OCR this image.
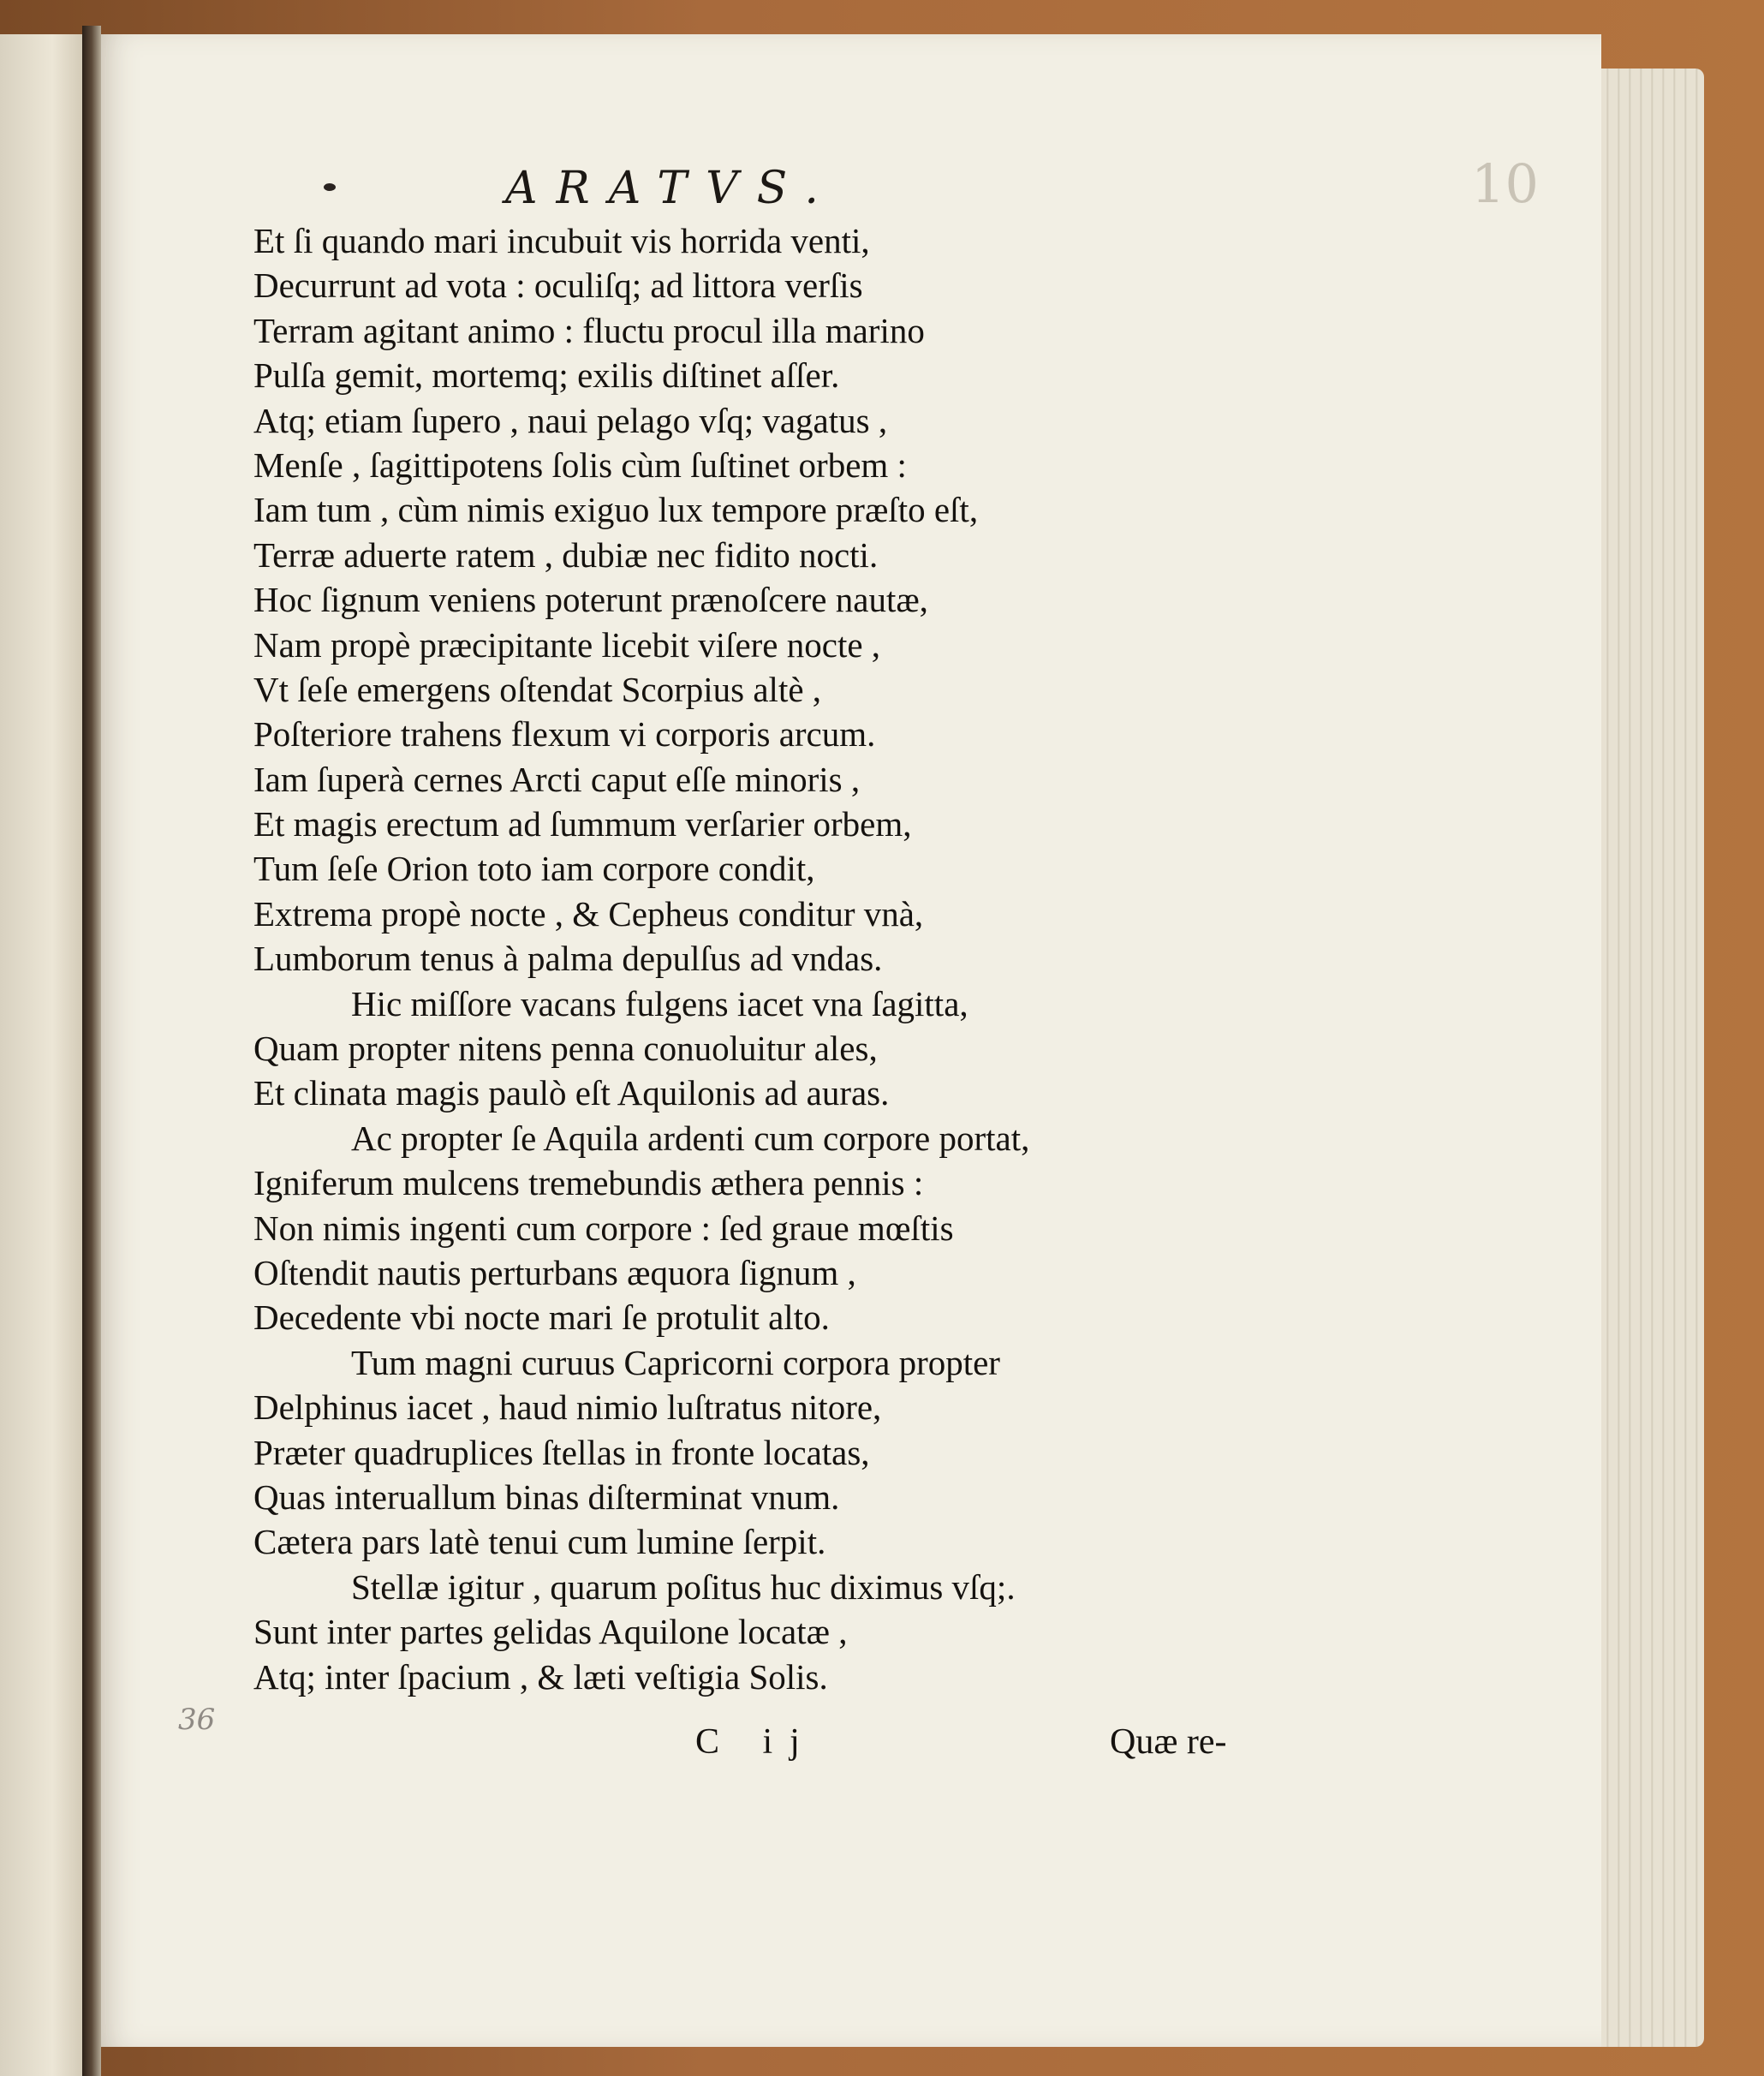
ARATVS.	10
Et ſi quando mari incubuit vis horrida venti,
Decurrunt ad vota : oculiſq; ad littora verſis
Terram agitant animo : fluctu procul illa marino
Pulſa gemit, mortemq; exilis diſtinet aſſer.
Atq; etiam ſupero , naui pelago vſq; vagatus ,
Menſe , ſagittipotens ſolis cùm ſuſtinet orbem :
Iam tum , cùm nimis exiguo lux tempore præſto eſt,
Terræ aduerte ratem , dubiæ nec fidito nocti.
Hoc ſignum veniens poterunt prænoſcere nautæ,
Nam propè præcipitante licebit viſere nocte ,
Vt ſeſe emergens oſtendat Scorpius altè ,
Poſteriore trahens flexum vi corporis arcum.
Iam ſuperà cernes Arcti caput eſſe minoris ,
Et magis erectum ad ſummum verſarier orbem,
Tum ſeſe Orion toto iam corpore condit,
Extrema propè nocte , & Cepheus conditur vnà,
Lumborum tenus à palma depulſus ad vndas.
Hic miſſore vacans fulgens iacet vna ſagitta,
Quam propter nitens penna conuoluitur ales,
Et clinata magis paulò eſt Aquilonis ad auras.
Ac propter ſe Aquila ardenti cum corpore portat,
Igniferum mulcens tremebundis æthera pennis :
Non nimis ingenti cum corpore : ſed graue mœſtis
Oſtendit nautis perturbans æquora ſignum ,
Decedente vbi nocte mari ſe protulit alto.
Tum magni curuus Capricorni corpora propter
Delphinus iacet , haud nimio luſtratus nitore,
Præter quadruplices ſtellas in fronte locatas,
Quas interuallum binas diſterminat vnum.
Cætera pars latè tenui cum lumine ſerpit.
Stellæ igitur , quarum poſitus huc diximus vſq;.
Sunt inter partes gelidas Aquilone locatæ ,
Atq; inter ſpacium , & læti veſtigia Solis.
36
C ij	Quæ re-
